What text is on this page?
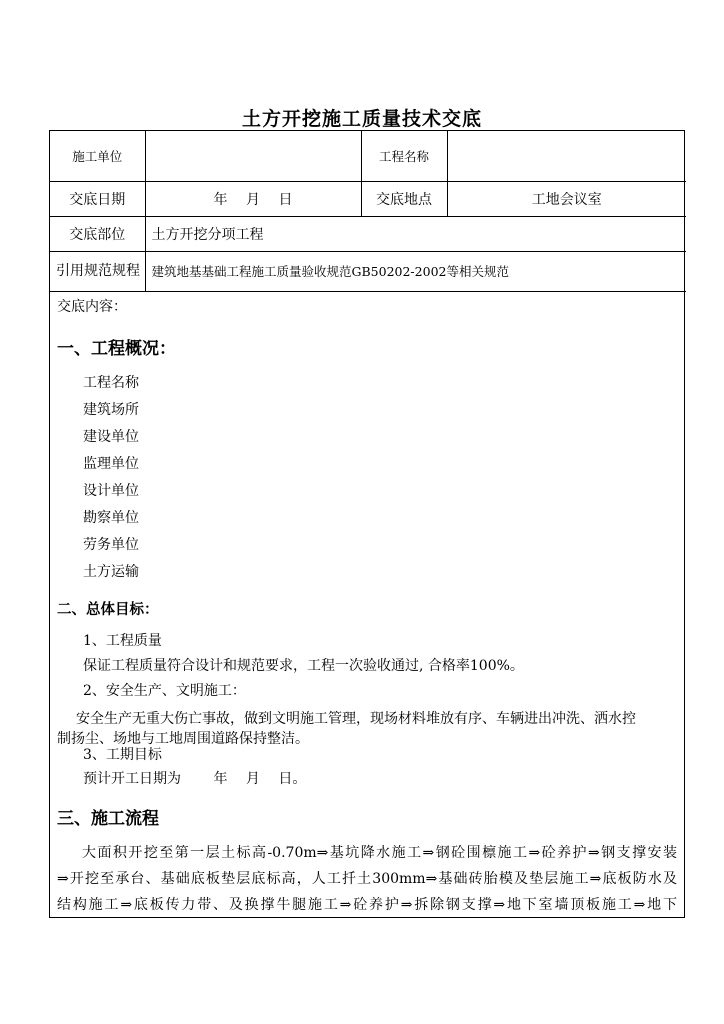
土方开挖施工质量技术交底
施工单位		工程名称	
交底日期	年　 月　 日	交底地点	工地会议室
交底部位	土方开挖分项工程		
引用规范规程	建筑地基基础工程施工质量验收规范GB50202-2002等相关规范		
交底内容：
一、工程概况：
工程名称
建筑场所
建设单位
监理单位
设计单位
勘察单位
劳务单位
土方运输
二、总体目标：
1、工程质量
保证工程质量符合设计和规范要求，工程一次验收通过, 合格率100%。
2、安全生产、文明施工：
安全生产无重大伤亡事故，做到文明施工管理，现场材料堆放有序、车辆进出冲洗、洒水控
制扬尘、场地与工地周围道路保持整洁。
3、工期目标
预计开工日期为　　 年　 月　 日。
三、施工流程
大面积开挖至第一层土标高-0.70m⇒基坑降水施工⇒钢砼围檩施工⇒砼养护⇒钢支撑安装
⇒开挖至承台、基础底板垫层底标高，人工扦土300mm⇒基础砖胎模及垫层施工⇒底板防水及
结构施工⇒底板传力带、及换撑牛腿施工⇒砼养护⇒拆除钢支撑⇒地下室墙顶板施工⇒地下
